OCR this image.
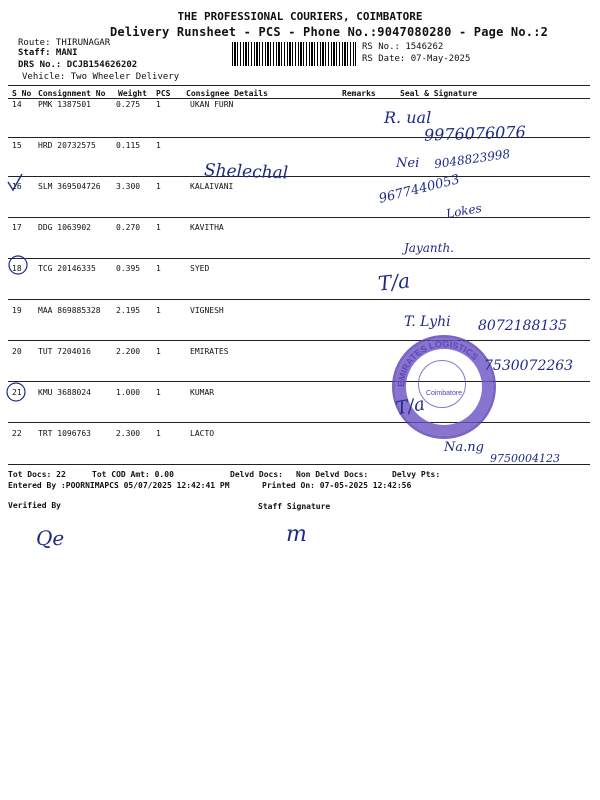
THE PROFESSIONAL COURIERS, COIMBATORE
Delivery Runsheet - PCS - Phone No.:9047080280 - Page No.:2
Route: THIRUNAGAR
Staff: MANI
DRS No.: DCJB154626202
Vehicle: Two Wheeler Delivery
RS No.: 1546262
RS Date: 07-May-2025
S No Consignment No Weight PCS Consignee Details	Remarks	Seal & Signature
14 PMK 1387501	0.275 1	UKAN FURN
15 HRD 20732575	0.115 1
16 SLM 369504726 3.300 1	KALAIVANI
17 DDG 1063902	0.270 1	KAVITHA
18 TCG 20146335	0.395 1	SYED
19 MAA 869885328 2.195 1	VIGNESH
20 TUT 7204016	2.200 1	EMIRATES
21 KMU 3688024	1.000 1	KUMAR
22 TRT 1096763	2.300 1	LACTO
EMIRATES LOGISTICS
Coimbatore
R. ual
9976076076
Nei 9048823998
Shelechal
9677440053
Lokes
Jayanth.
T/a
T. Lyhi 8072188135
7530072263
T/a
Na.ng
9750004123
Tot Docs: 22	Tot COD Amt: 0.00	Delvd Docs: Non Delvd Docs:	Delvy Pts:
Entered By :POORNIMAPCS 05/07/2025 12:42:41 PM	Printed On: 07-05-2025 12:42:56
Verified By	Staff Signature
Qe	m
